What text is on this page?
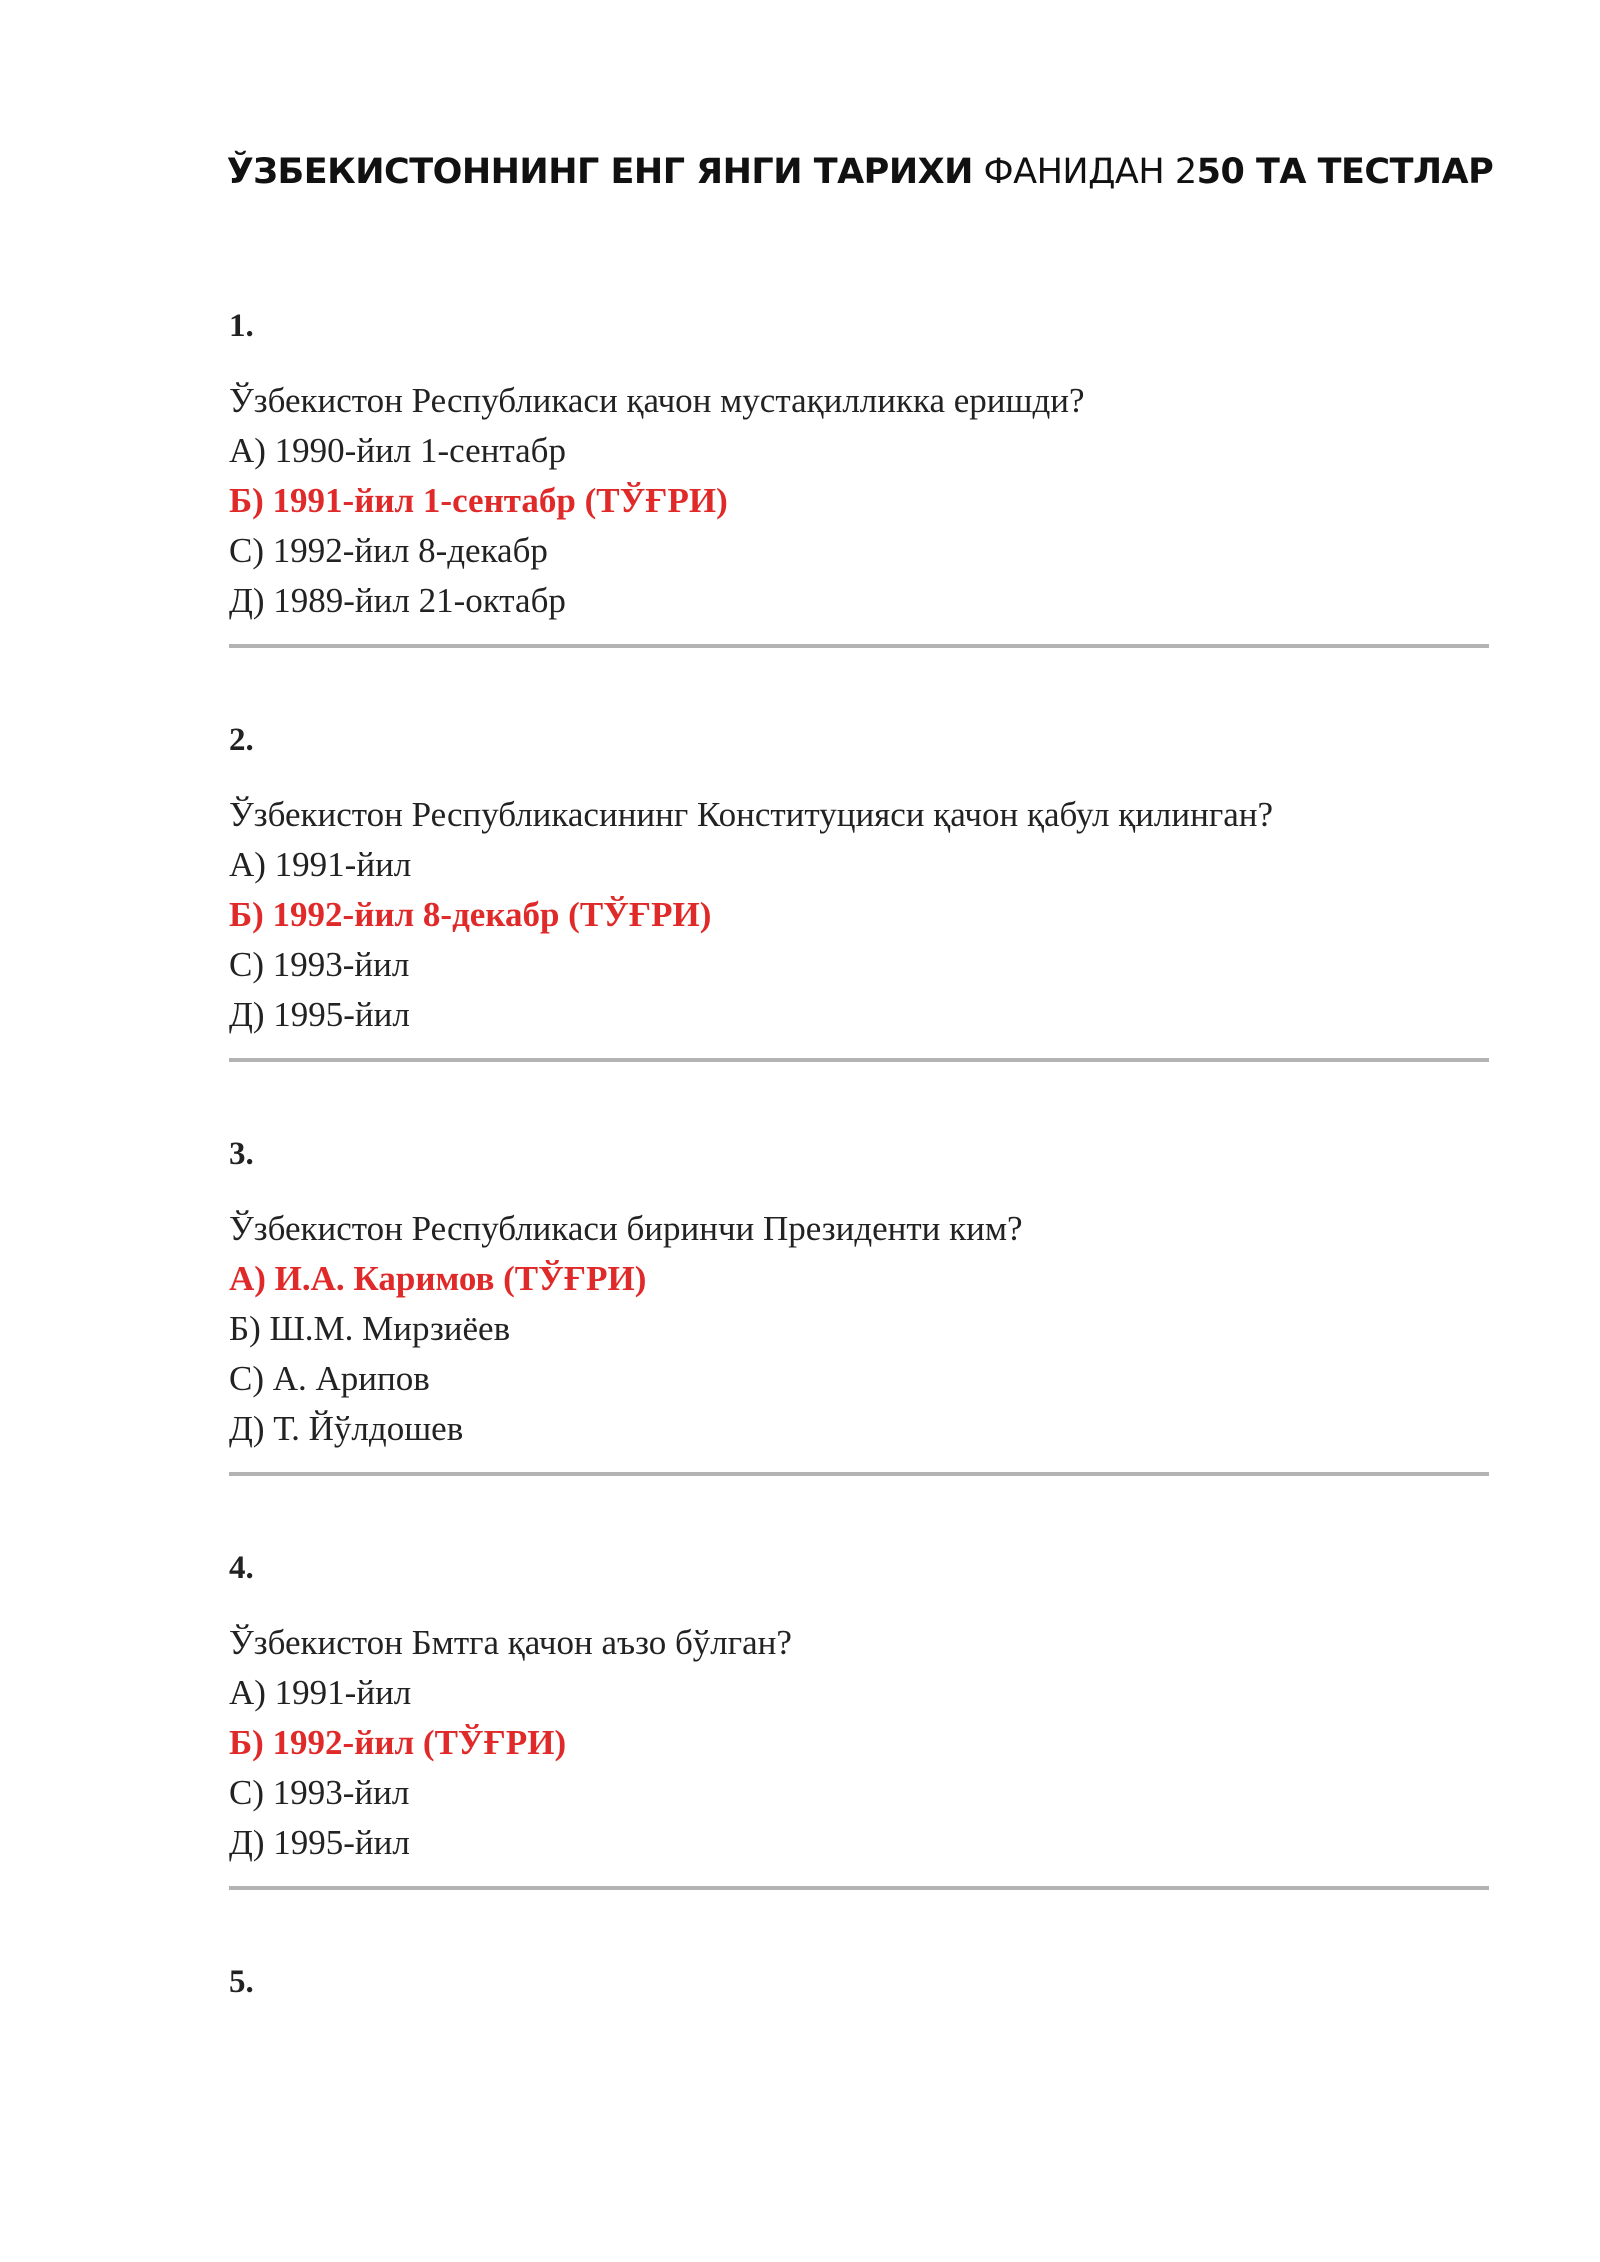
ЎЗБЕКИСТОННИНГ ЕНГ ЯНГИ ТАРИХИ ФАНИДАН 250 ТА ТЕСТЛАР
1.
Ўзбекистон Республикаси қачон мустақилликка еришди?
А) 1990-йил 1-сентабр
Б) 1991-йил 1-сентабр (ТЎҒРИ)
С) 1992-йил 8-декабр
Д) 1989-йил 21-октабр
2.
Ўзбекистон Республикасининг Конституцияси қачон қабул қилинган?
А) 1991-йил
Б) 1992-йил 8-декабр (ТЎҒРИ)
С) 1993-йил
Д) 1995-йил
3.
Ўзбекистон Республикаси биринчи Президенти ким?
А) И.А. Каримов (ТЎҒРИ)
Б) Ш.М. Мирзиёев
С) А. Арипов
Д) Т. Йўлдошев
4.
Ўзбекистон Бмтга қачон аъзо бўлган?
А) 1991-йил
Б) 1992-йил (ТЎҒРИ)
С) 1993-йил
Д) 1995-йил
5.
